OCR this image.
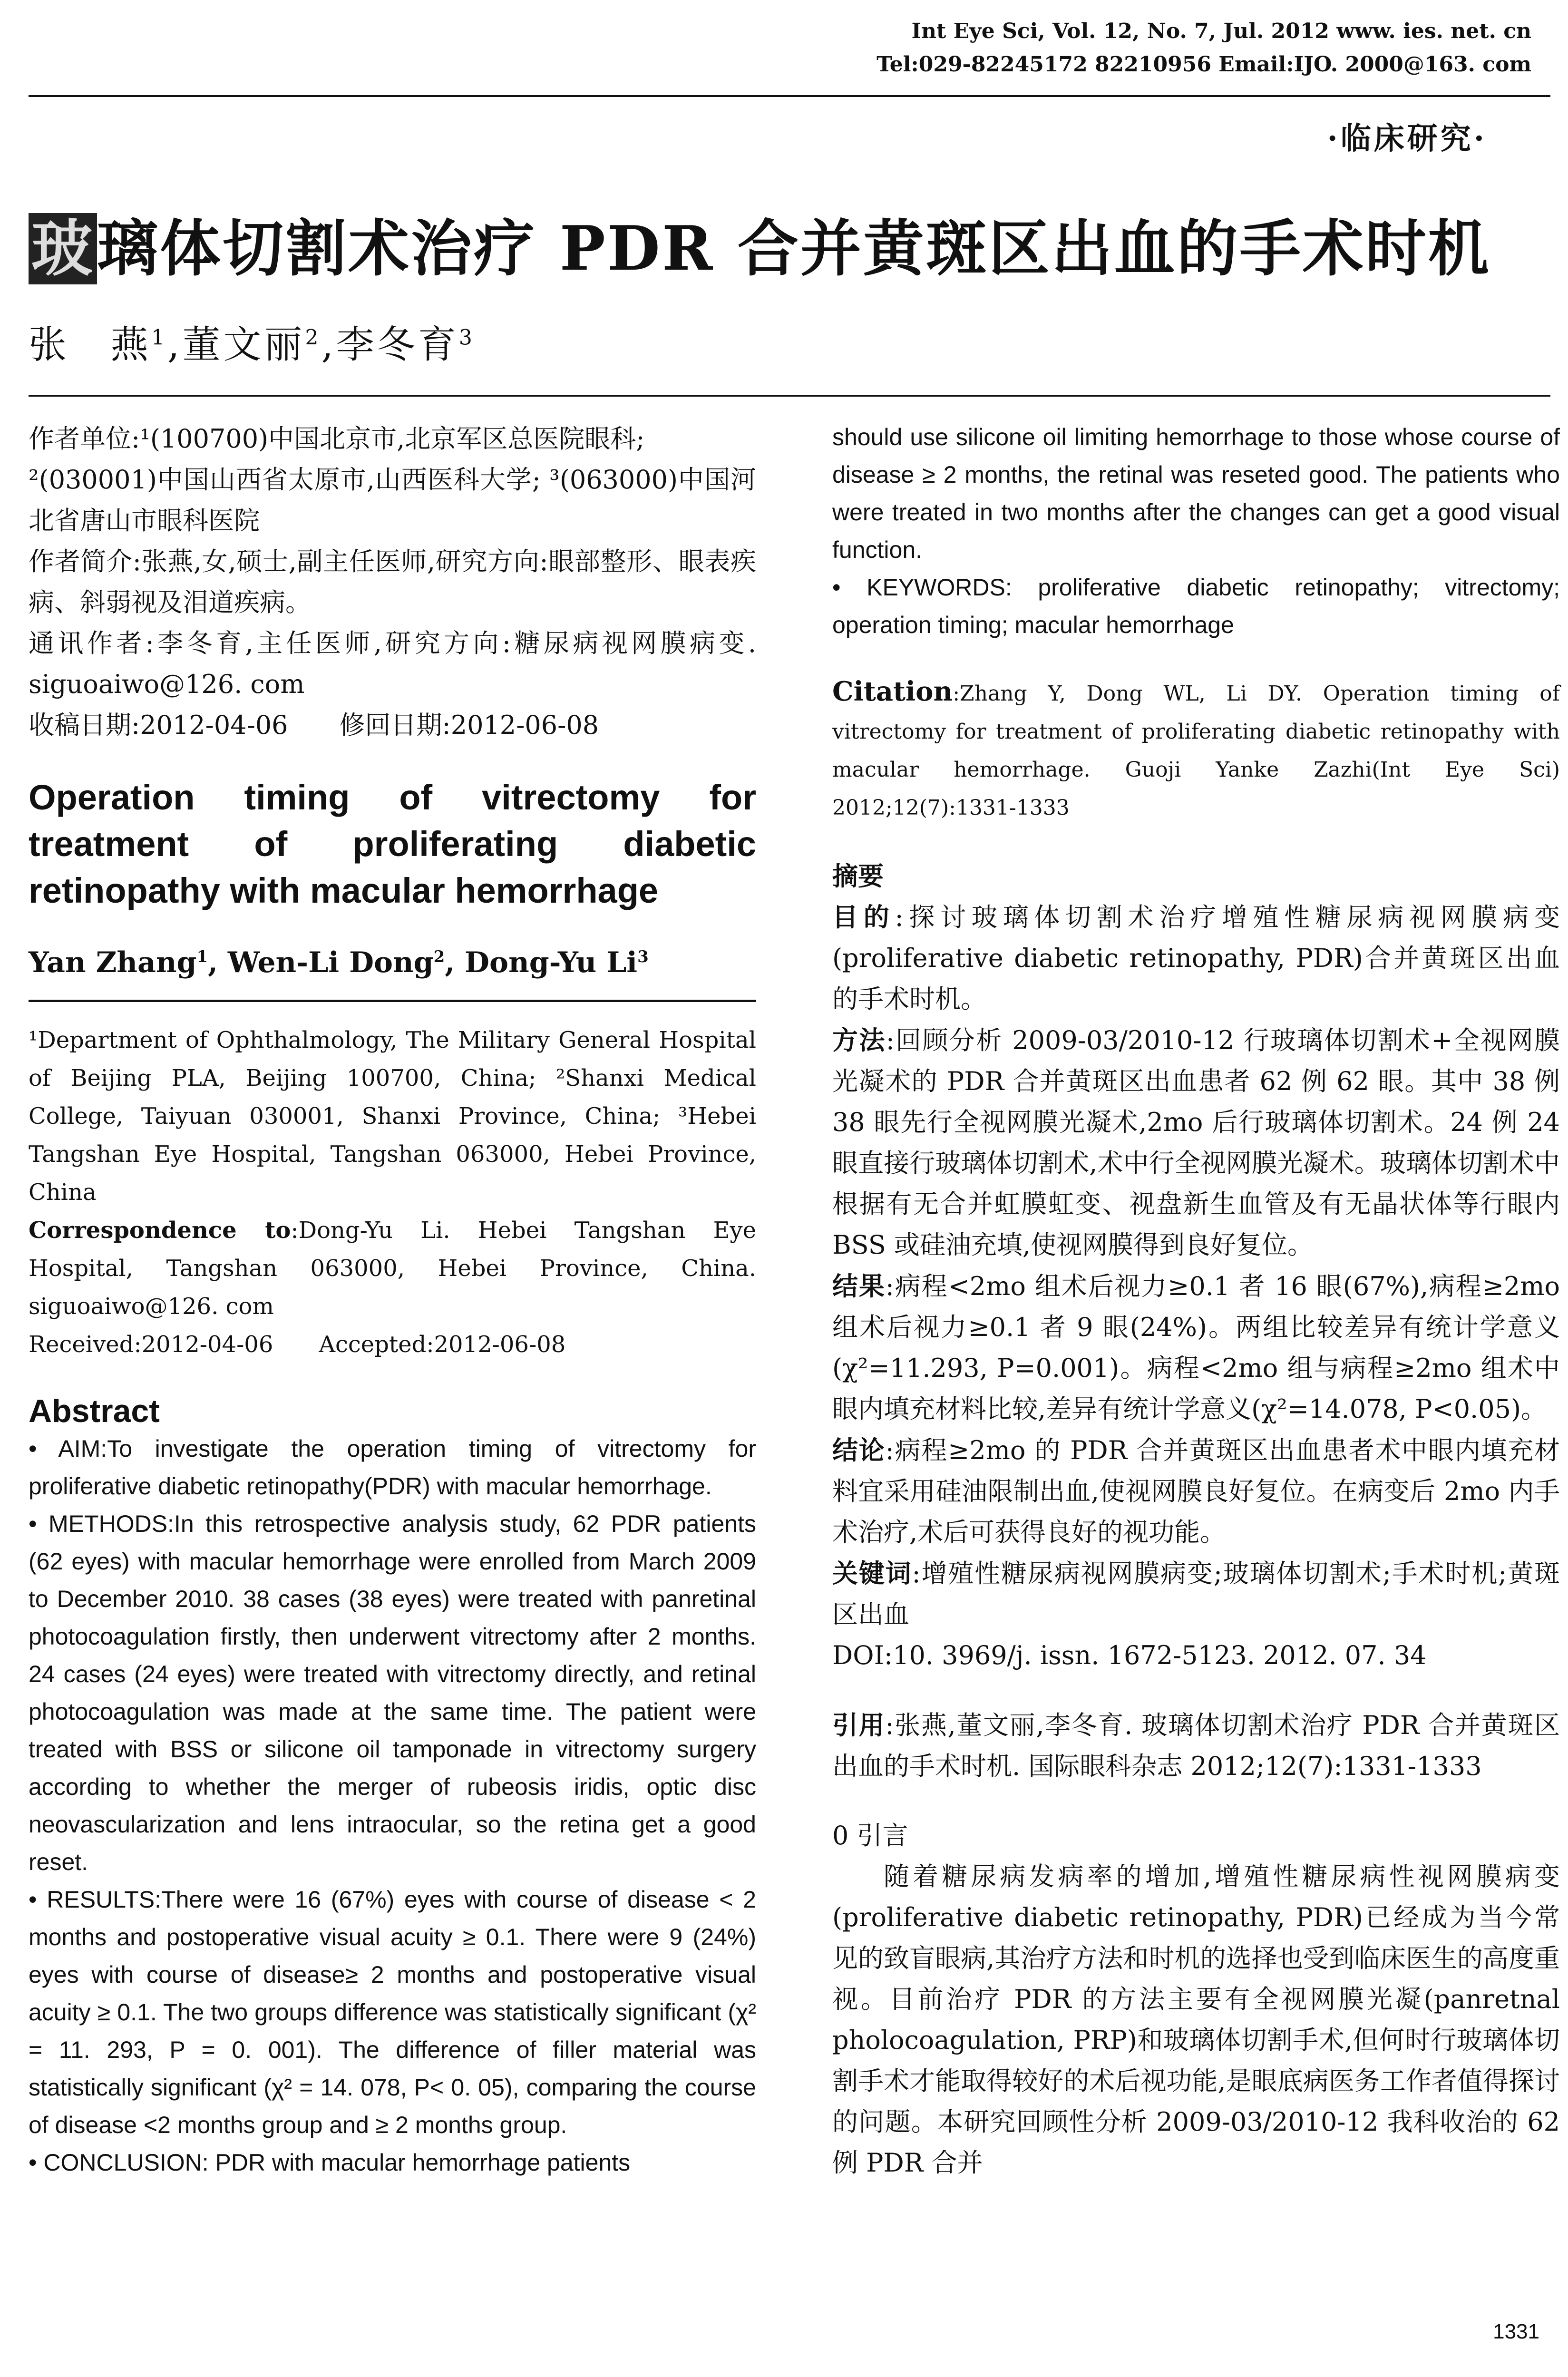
Int Eye Sci, Vol. 12, No. 7, Jul. 2012 www. ies. net. cn
Tel:029-82245172 82210956 Email:IJO. 2000@163. com
·临床研究·
玻璃体切割术治疗 PDR 合并黄斑区出血的手术时机
张　燕$^1$,董文丽$^2$,李冬育$^3$

作者单位:¹(100700)中国北京市,北京军区总医院眼科;

²(030001)中国山西省太原市,山西医科大学; ³(063000)中国河北省唐山市眼科医院

作者简介:张燕,女,硕士,副主任医师,研究方向:眼部整形、眼表疾病、斜弱视及泪道疾病。

通讯作者:李冬育,主任医师,研究方向:糖尿病视网膜病变. siguoaiwo@126. com

收稿日期:2012-04-06　　修回日期:2012-06-08

Operation timing of vitrectomy for treatment of proliferating diabetic retinopathy with macular hemorrhage

Yan Zhang$^1$, Wen-Li Dong$^2$, Dong-Yu Li$^3$

¹Department of Ophthalmology, The Military General Hospital of Beijing PLA, Beijing 100700, China; ²Shanxi Medical College, Taiyuan 030001, Shanxi Province, China; ³Hebei Tangshan Eye Hospital, Tangshan 063000, Hebei Province, China

Correspondence to:Dong-Yu Li. Hebei Tangshan Eye Hospital, Tangshan 063000, Hebei Province, China. siguoaiwo@126. com

Received:2012-04-06　　Accepted:2012-06-08

Abstract

• AIM:To investigate the operation timing of vitrectomy for proliferative diabetic retinopathy(PDR) with macular hemorrhage.

• METHODS:In this retrospective analysis study, 62 PDR patients (62 eyes) with macular hemorrhage were enrolled from March 2009 to December 2010. 38 cases (38 eyes) were treated with panretinal photocoagulation firstly, then underwent vitrectomy after 2 months. 24 cases (24 eyes) were treated with vitrectomy directly, and retinal photocoagulation was made at the same time. The patient were treated with BSS or silicone oil tamponade in vitrectomy surgery according to whether the merger of rubeosis iridis, optic disc neovascularization and lens intraocular, so the retina get a good reset.

• RESULTS:There were 16 (67%) eyes with course of disease < 2 months and postoperative visual acuity ≥ 0.1. There were 9 (24%) eyes with course of disease≥ 2 months and postoperative visual acuity ≥ 0.1. The two groups difference was statistically significant (χ² = 11. 293, P = 0. 001). The difference of filler material was statistically significant (χ² = 14. 078, P< 0. 05), comparing the course of disease <2 months group and ≥ 2 months group.

• CONCLUSION: PDR with macular hemorrhage patients

should use silicone oil limiting hemorrhage to those whose course of disease ≥ 2 months, the retinal was reseted good. The patients who were treated in two months after the changes can get a good visual function.

• KEYWORDS: proliferative diabetic retinopathy; vitrectomy; operation timing; macular hemorrhage

Citation:Zhang Y, Dong WL, Li DY. Operation timing of vitrectomy for treatment of proliferating diabetic retinopathy with macular hemorrhage. Guoji Yanke Zazhi(Int Eye Sci) 2012;12(7):1331-1333

摘要

目的:探讨玻璃体切割术治疗增殖性糖尿病视网膜病变(proliferative diabetic retinopathy, PDR)合并黄斑区出血的手术时机。

方法:回顾分析 2009-03/2010-12 行玻璃体切割术+全视网膜光凝术的 PDR 合并黄斑区出血患者 62 例 62 眼。其中 38 例 38 眼先行全视网膜光凝术,2mo 后行玻璃体切割术。24 例 24 眼直接行玻璃体切割术,术中行全视网膜光凝术。玻璃体切割术中根据有无合并虹膜虹变、视盘新生血管及有无晶状体等行眼内 BSS 或硅油充填,使视网膜得到良好复位。

结果:病程<2mo 组术后视力≥0.1 者 16 眼(67%),病程≥2mo 组术后视力≥0.1 者 9 眼(24%)。两组比较差异有统计学意义(χ²=11.293, P=0.001)。病程<2mo 组与病程≥2mo 组术中眼内填充材料比较,差异有统计学意义(χ²=14.078, P<0.05)。

结论:病程≥2mo 的 PDR 合并黄斑区出血患者术中眼内填充材料宜采用硅油限制出血,使视网膜良好复位。在病变后 2mo 内手术治疗,术后可获得良好的视功能。

关键词:增殖性糖尿病视网膜病变;玻璃体切割术;手术时机;黄斑区出血

DOI:10. 3969/j. issn. 1672-5123. 2012. 07. 34

引用:张燕,董文丽,李冬育. 玻璃体切割术治疗 PDR 合并黄斑区出血的手术时机. 国际眼科杂志 2012;12(7):1331-1333

0 引言

随着糖尿病发病率的增加,增殖性糖尿病性视网膜病变(proliferative diabetic retinopathy, PDR)已经成为当今常见的致盲眼病,其治疗方法和时机的选择也受到临床医生的高度重视。目前治疗 PDR 的方法主要有全视网膜光凝(panretnal pholocoagulation, PRP)和玻璃体切割手术,但何时行玻璃体切割手术才能取得较好的术后视功能,是眼底病医务工作者值得探讨的问题。本研究回顾性分析 2009-03/2010-12 我科收治的 62 例 PDR 合并

1331
